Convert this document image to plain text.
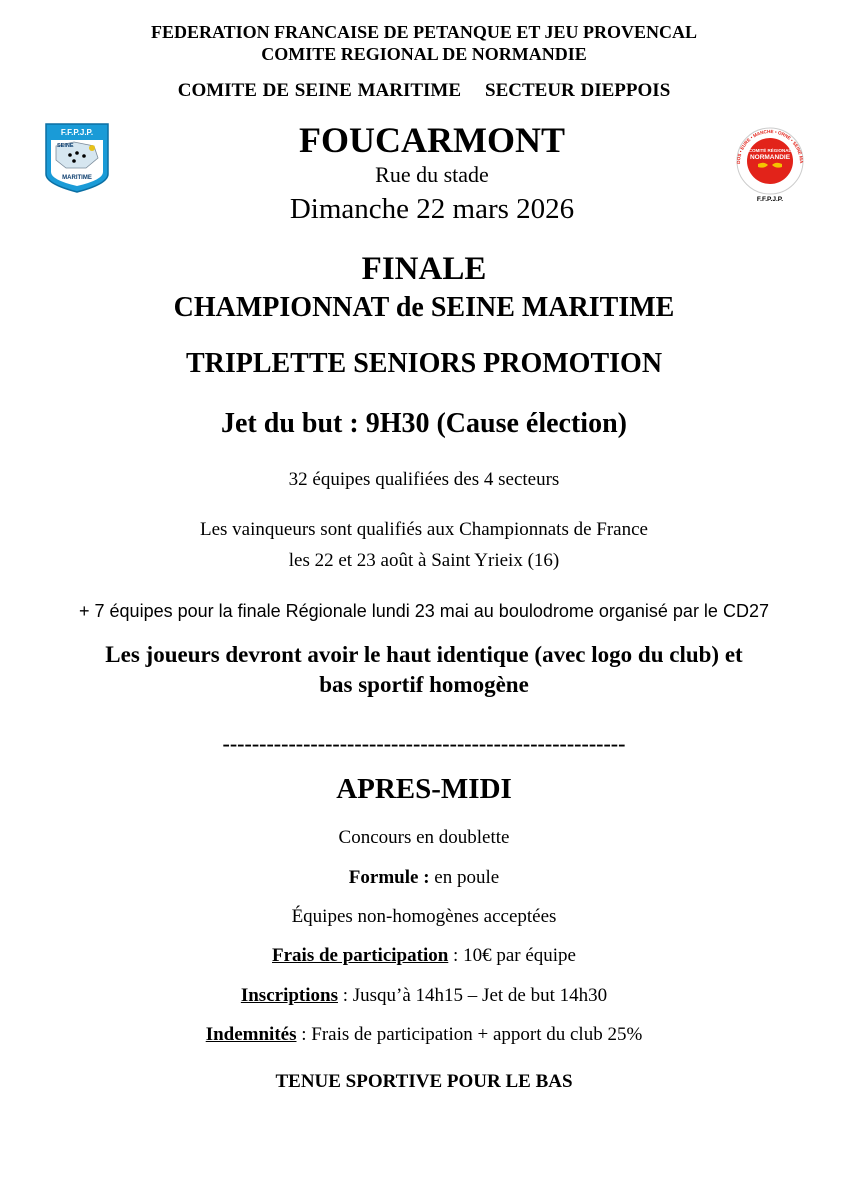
FEDERATION FRANCAISE DE PETANQUE ET JEU PROVENCAL
COMITE REGIONAL DE NORMANDIE
COMITE DE SEINE MARITIME SECTEUR DIEPPOIS
F.F.P.J.P.
SEINE
MARITIME
DOS • EURE • MANCHE • ORNE • SEINE MA
COMITÉ RÉGIONAL
NORMANDIE
F.F.P.J.P.
FOUCARMONT
Rue du stade
Dimanche 22 mars 2026
FINALE
CHAMPIONNAT de SEINE MARITIME
TRIPLETTE SENIORS PROMOTION
Jet du but : 9H30 (Cause élection)
32 équipes qualifiées des 4 secteurs
Les vainqueurs sont qualifiés aux Championnats de France
les 22 et 23 août à Saint Yrieix (16)
+ 7 équipes pour la finale Régionale lundi 23 mai au boulodrome organisé par le CD27
Les joueurs devront avoir le haut identique (avec logo du club) et
bas sportif homogène
-------------------------------------------------------
APRES-MIDI
Concours en doublette
Formule : en poule
Équipes non-homogènes acceptées
Frais de participation : 10€ par équipe
Inscriptions : Jusqu’à 14h15 – Jet de but 14h30
Indemnités : Frais de participation + apport du club 25%
TENUE SPORTIVE POUR LE BAS
